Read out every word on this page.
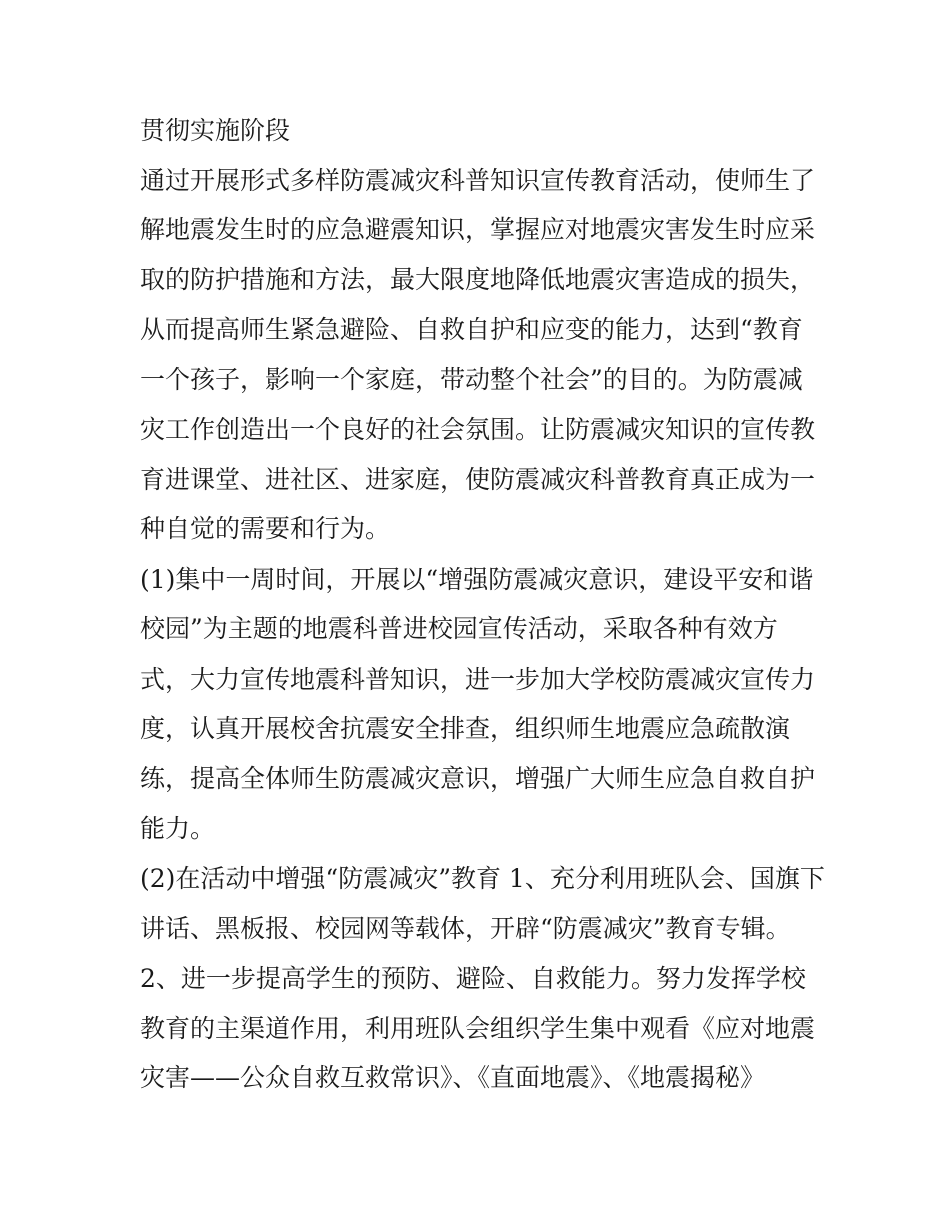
贯彻实施阶段

通过开展形式多样防震减灾科普知识宣传教育活动，使师生了

解地震发生时的应急避震知识，掌握应对地震灾害发生时应采

取的防护措施和方法，最大限度地降低地震灾害造成的损失，

从而提高师生紧急避险、自救自护和应变的能力，达到“教育

一个孩子，影响一个家庭，带动整个社会”的目的。为防震减

灾工作创造出一个良好的社会氛围。让防震减灾知识的宣传教

育进课堂、进社区、进家庭，使防震减灾科普教育真正成为一

种自觉的需要和行为。

(1)集中一周时间，开展以“增强防震减灾意识，建设平安和谐

校园”为主题的地震科普进校园宣传活动，采取各种有效方

式，大力宣传地震科普知识，进一步加大学校防震减灾宣传力

度，认真开展校舍抗震安全排查，组织师生地震应急疏散演

练，提高全体师生防震减灾意识，增强广大师生应急自救自护

能力。

(2)在活动中增强“防震减灾”教育 1、充分利用班队会、国旗下

讲话、黑板报、校园网等载体，开辟“防震减灾”教育专辑。

2、进一步提高学生的预防、避险、自救能力。努力发挥学校

教育的主渠道作用，利用班队会组织学生集中观看《应对地震

灾害——公众自救互救常识》、《直面地震》、《地震揭秘》
